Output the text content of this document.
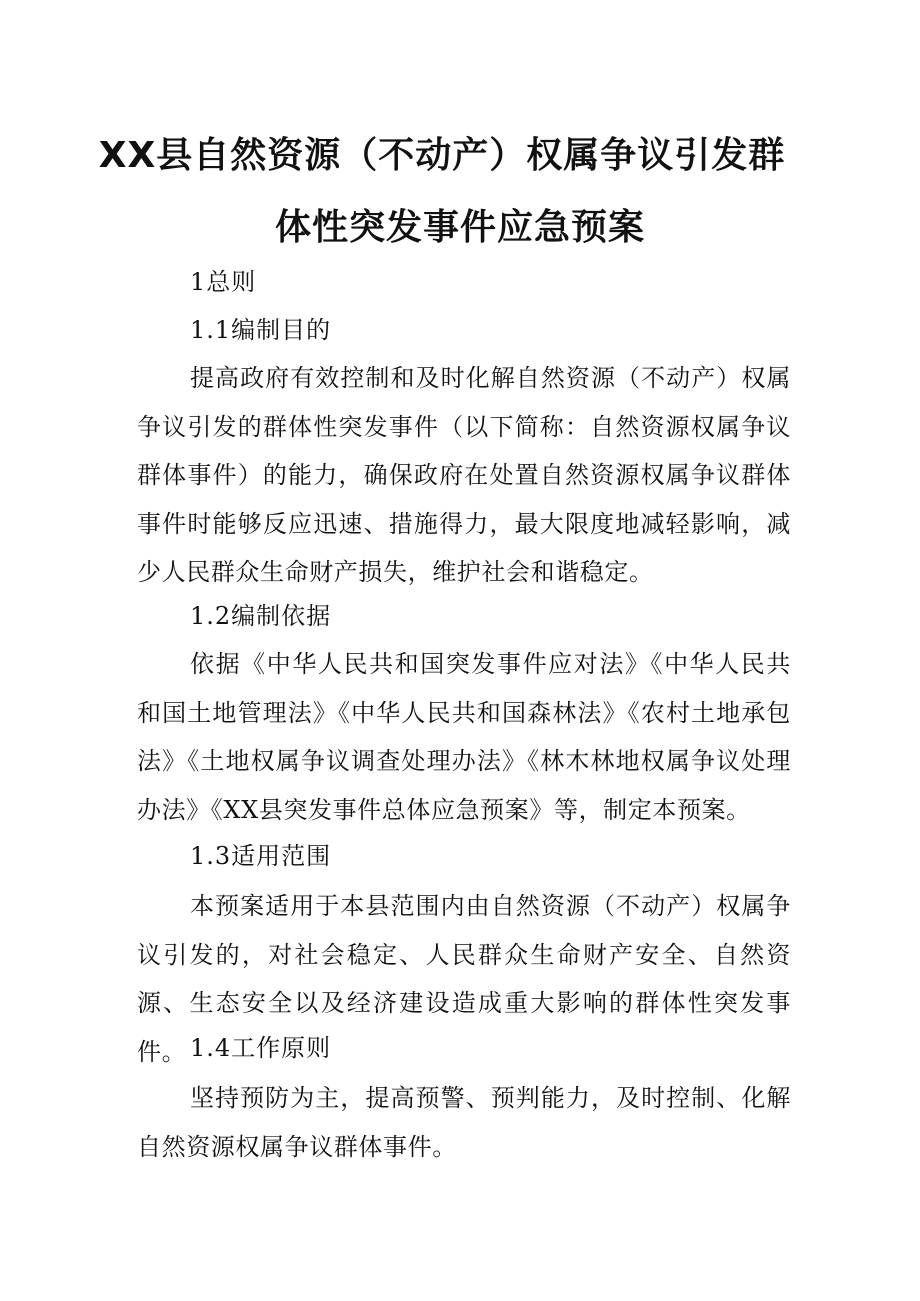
XX县自然资源（不动产）权属争议引发群
体性突发事件应急预案
1总则
1.1编制目的

提高政府有效控制和及时化解自然资源（不动产）权属争议引发的群体性突发事件（以下简称：自然资源权属争议群体事件）的能力，确保政府在处置自然资源权属争议群体事件时能够反应迅速、措施得力，最大限度地减轻影响，减少人民群众生命财产损失，维护社会和谐稳定。

1.2编制依据

依据《中华人民共和国突发事件应对法》《中华人民共和国土地管理法》《中华人民共和国森林法》《农村土地承包法》《土地权属争议调查处理办法》《林木林地权属争议处理办法》《XX县突发事件总体应急预案》等，制定本预案。

1.3适用范围

本预案适用于本县范围内由自然资源（不动产）权属争议引发的，对社会稳定、人民群众生命财产安全、自然资源、生态安全以及经济建设造成重大影响的群体性突发事件。 1.4工作原则

坚持预防为主，提高预警、预判能力，及时控制、化解自然资源权属争议群体事件。
